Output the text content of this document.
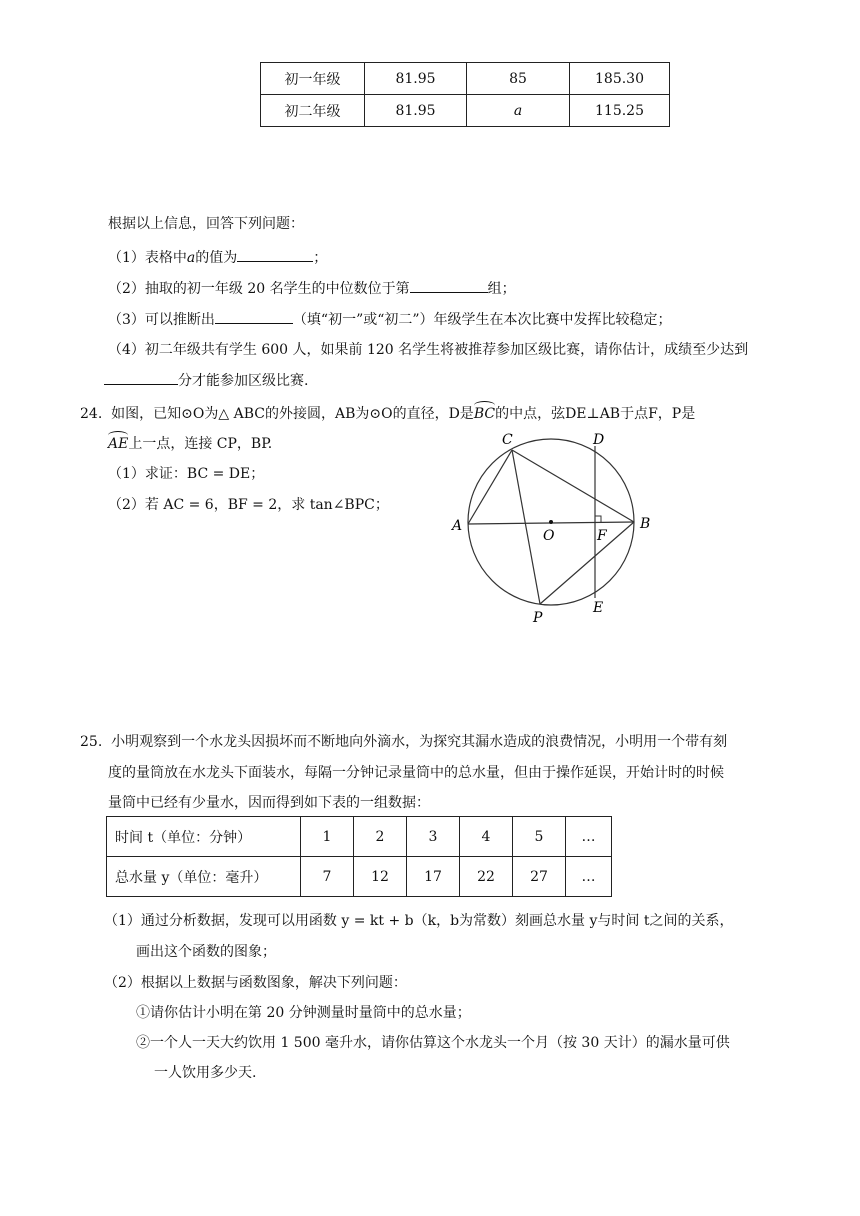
初一年级	81.95	85	185.30
初二年级	81.95	a	115.25
根据以上信息，回答下列问题：
（1）表格中a的值为	；
（2）抽取的初一年级 20 名学生的中位数位于第	组；
（3）可以推断出	（填“初一”或“初二”）年级学生在本次比赛中发挥比较稳定；
（4）初二年级共有学生 600 人，如果前 120 名学生将被推荐参加区级比赛，请你估计，成绩至少达到
分才能参加区级比赛.
24. 如图，已知⊙O为△ ABC的外接圆，AB为⊙O的直径，D是BC的中点，弦DE⊥AB于点F，P是
AE上一点，连接 CP，BP.
（1）求证：BC = DE；
（2）若 AC = 6，BF = 2，求 tan∠BPC；
A	B
C	D
E
F
O
P
25. 小明观察到一个水龙头因损坏而不断地向外滴水，为探究其漏水造成的浪费情况，小明用一个带有刻
度的量筒放在水龙头下面装水，每隔一分钟记录量筒中的总水量，但由于操作延误，开始计时的时候
量筒中已经有少量水，因而得到如下表的一组数据：
时间 t（单位：分钟）	1	2	3	4	5	…
总水量 y（单位：毫升）	7	12	17	22	27	…
（1）通过分析数据，发现可以用函数 y = kt + b（k，b为常数）刻画总水量 y与时间 t之间的关系，
画出这个函数的图象；
（2）根据以上数据与函数图象，解决下列问题：
①请你估计小明在第 20 分钟测量时量筒中的总水量；
②一个人一天大约饮用 1 500 毫升水，请你估算这个水龙头一个月（按 30 天计）的漏水量可供
一人饮用多少天.
